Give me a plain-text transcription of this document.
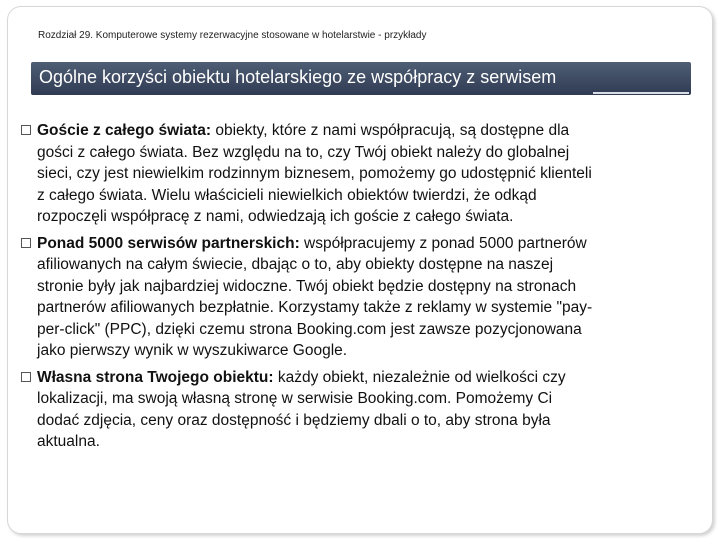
Rozdział 29. Komputerowe systemy rezerwacyjne stosowane w hotelarstwie - przykłady
Ogólne korzyści obiektu hotelarskiego ze współpracy z serwisem
Goście z całego świata: obiekty, które z nami współpracują, są dostępne dla
gości z całego świata. Bez względu na to, czy Twój obiekt należy do globalnej
sieci, czy jest niewielkim rodzinnym biznesem, pomożemy go udostępnić klienteli
z całego świata. Wielu właścicieli niewielkich obiektów twierdzi, że odkąd
rozpoczęli współpracę z nami, odwiedzają ich goście z całego świata.
Ponad 5000 serwisów partnerskich: współpracujemy z ponad 5000 partnerów
afiliowanych na całym świecie, dbając o to, aby obiekty dostępne na naszej
stronie były jak najbardziej widoczne. Twój obiekt będzie dostępny na stronach
partnerów afiliowanych bezpłatnie. Korzystamy także z reklamy w systemie "pay-
per-click" (PPC), dzięki czemu strona Booking.com jest zawsze pozycjonowana
jako pierwszy wynik w wyszukiwarce Google.
Własna strona Twojego obiektu: każdy obiekt, niezależnie od wielkości czy
lokalizacji, ma swoją własną stronę w serwisie Booking.com. Pomożemy Ci
dodać zdjęcia, ceny oraz dostępność i będziemy dbali o to, aby strona była
aktualna.
